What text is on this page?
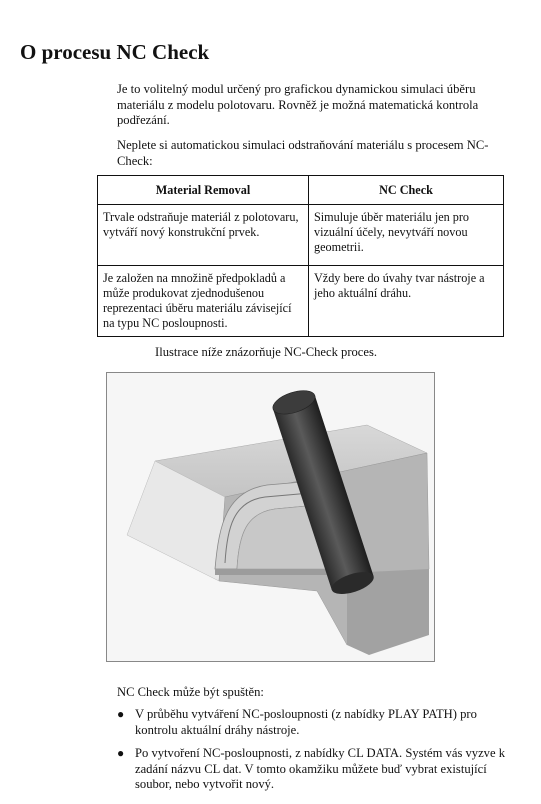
O procesu NC Check

Je to volitelný modul určený pro grafickou dynamickou simulaci úběru materiálu z modelu polotovaru. Rovněž je možná matematická kontrola podřezání.

Neplete si automatickou simulaci odstraňování materiálu s procesem NC-Check:

Material Removal	NC Check
Trvale odstraňuje materiál z polotovaru, vytváří nový konstrukční prvek.	Simuluje úběr materiálu jen pro vizuální účely, nevytváří novou geometrii.
Je založen na množině předpokladů a může produkovat zjednodušenou reprezentaci úběru materiálu závisející na typu NC posloupnosti.	Vždy bere do úvahy tvar nástroje a jeho aktuální dráhu.

Ilustrace níže znázorňuje NC-Check proces.

NC Check může být spuštěn:

● V průběhu vytváření NC-posloupnosti (z nabídky PLAY PATH) pro kontrolu aktuální dráhy nástroje.
● Po vytvoření NC-posloupnosti, z nabídky CL DATA. Systém vás vyzve k zadání názvu CL dat. V tomto okamžiku můžete buď vybrat existující soubor, nebo vytvořit nový.
